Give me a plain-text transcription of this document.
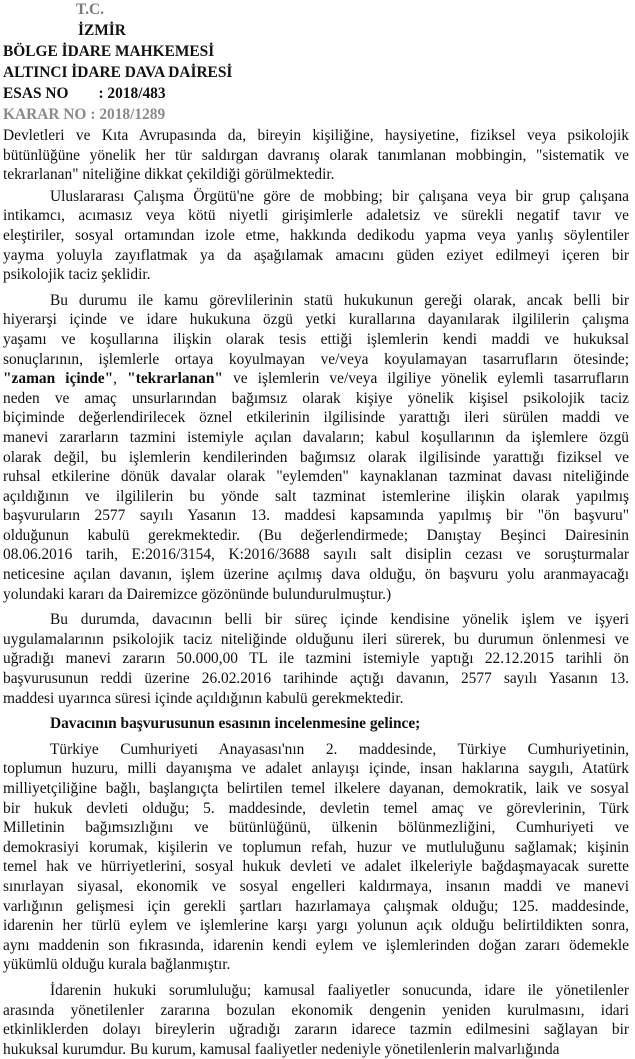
T.C.
İZMİR
BÖLGE İDARE MAHKEMESİ
ALTINCI İDARE DAVA DAİRESİ
ESAS NO : 2018/483
KARAR NO : 2018/1289
Devletleri ve Kıta Avrupasında da, bireyin kişiliğine, haysiyetine, fiziksel veya psikolojik
bütünlüğüne yönelik her tür saldırgan davranış olarak tanımlanan mobbingin, "sistematik ve
tekrarlanan" niteliğine dikkat çekildiği görülmektedir.
Uluslararası Çalışma Örgütü'ne göre de mobbing; bir çalışana veya bir grup çalışana
intikamcı, acımasız veya kötü niyetli girişimlerle adaletsiz ve sürekli negatif tavır ve
eleştiriler, sosyal ortamından izole etme, hakkında dedikodu yapma veya yanlış söylentiler
yayma yoluyla zayıflatmak ya da aşağılamak amacını güden eziyet edilmeyi içeren bir
psikolojik taciz şeklidir.
Bu durumu ile kamu görevlilerinin statü hukukunun gereği olarak, ancak belli bir
hiyerarşi içinde ve idare hukukuna özgü yetki kurallarına dayanılarak ilgililerin çalışma
yaşamı ve koşullarına ilişkin olarak tesis ettiği işlemlerin kendi maddi ve hukuksal
sonuçlarının, işlemlerle ortaya koyulmayan ve/veya koyulamayan tasarrufların ötesinde;
"zaman içinde", "tekrarlanan" ve işlemlerin ve/veya ilgiliye yönelik eylemli tasarrufların
neden ve amaç unsurlarından bağımsız olarak kişiye yönelik kişisel psikolojik taciz
biçiminde değerlendirilecek öznel etkilerinin ilgilisinde yarattığı ileri sürülen maddi ve
manevi zararların tazmini istemiyle açılan davaların; kabul koşullarının da işlemlere özgü
olarak değil, bu işlemlerin kendilerinden bağımsız olarak ilgilisinde yarattığı fiziksel ve
ruhsal etkilerine dönük davalar olarak "eylemden" kaynaklanan tazminat davası niteliğinde
açıldığının ve ilgililerin bu yönde salt tazminat istemlerine ilişkin olarak yapılmış
başvuruların 2577 sayılı Yasanın 13. maddesi kapsamında yapılmış bir "ön başvuru"
olduğunun kabulü gerekmektedir. (Bu değerlendirmede; Danıştay Beşinci Dairesinin
08.06.2016 tarih, E:2016/3154, K:2016/3688 sayılı salt disiplin cezası ve soruşturmalar
neticesine açılan davanın, işlem üzerine açılmış dava olduğu, ön başvuru yolu aranmayacağı
yolundaki kararı da Dairemizce gözönünde bulundurulmuştur.)
Bu durumda, davacının belli bir süreç içinde kendisine yönelik işlem ve işyeri
uygulamalarının psikolojik taciz niteliğinde olduğunu ileri sürerek, bu durumun önlenmesi ve
uğradığı manevi zararın 50.000,00 TL ile tazmini istemiyle yaptığı 22.12.2015 tarihli ön
başvurusunun reddi üzerine 26.02.2016 tarihinde açtığı davanın, 2577 sayılı Yasanın 13.
maddesi uyarınca süresi içinde açıldığının kabulü gerekmektedir.
Davacının başvurusunun esasının incelenmesine gelince;
Türkiye Cumhuriyeti Anayasası'nın 2. maddesinde, Türkiye Cumhuriyetinin,
toplumun huzuru, milli dayanışma ve adalet anlayışı içinde, insan haklarına saygılı, Atatürk
milliyetçiliğine bağlı, başlangıçta belirtilen temel ilkelere dayanan, demokratik, laik ve sosyal
bir hukuk devleti olduğu; 5. maddesinde, devletin temel amaç ve görevlerinin, Türk
Milletinin bağımsızlığını ve bütünlüğünü, ülkenin bölünmezliğini, Cumhuriyeti ve
demokrasiyi korumak, kişilerin ve toplumun refah, huzur ve mutluluğunu sağlamak; kişinin
temel hak ve hürriyetlerini, sosyal hukuk devleti ve adalet ilkeleriyle bağdaşmayacak surette
sınırlayan siyasal, ekonomik ve sosyal engelleri kaldırmaya, insanın maddi ve manevi
varlığının gelişmesi için gerekli şartları hazırlamaya çalışmak olduğu; 125. maddesinde,
idarenin her türlü eylem ve işlemlerine karşı yargı yolunun açık olduğu belirtildikten sonra,
aynı maddenin son fıkrasında, idarenin kendi eylem ve işlemlerinden doğan zararı ödemekle
yükümlü olduğu kurala bağlanmıştır.
İdarenin hukuki sorumluluğu; kamusal faaliyetler sonucunda, idare ile yönetilenler
arasında yönetilenler zararına bozulan ekonomik dengenin yeniden kurulmasını, idari
etkinliklerden dolayı bireylerin uğradığı zararın idarece tazmin edilmesini sağlayan bir
hukuksal kurumdur. Bu kurum, kamusal faaliyetler nedeniyle yönetilenlerin malvarlığında
